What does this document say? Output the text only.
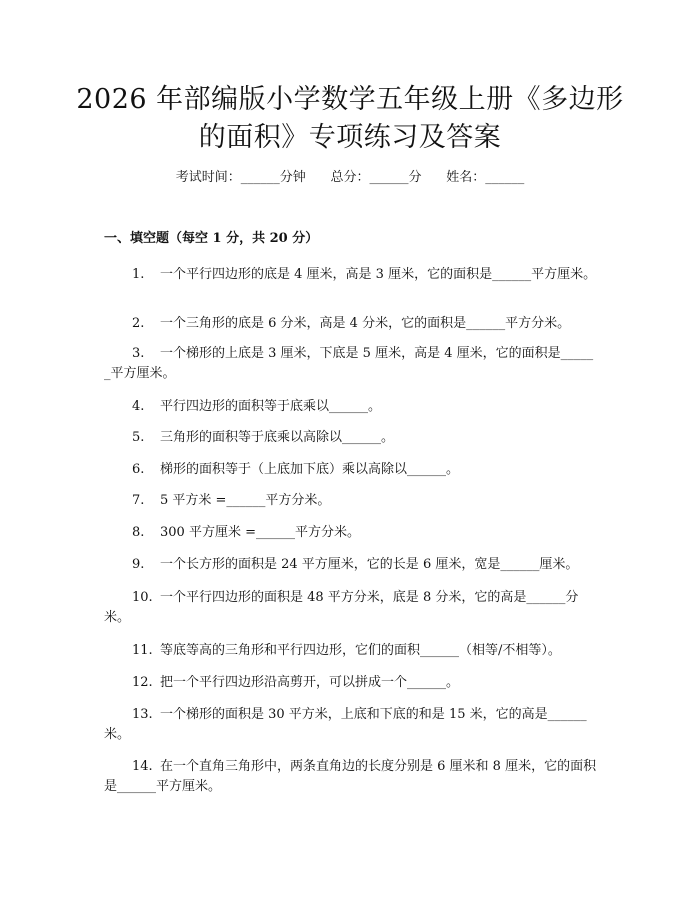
2026 年部编版小学数学五年级上册《多边形
的面积》专项练习及答案
考试时间：______分钟      总分：______分      姓名：______
一、填空题（每空 1 分，共 20 分）
1. 一个平行四边形的底是 4 厘米，高是 3 厘米，它的面积是______平方厘米。
2. 一个三角形的底是 6 分米，高是 4 分米，它的面积是______平方分米。
3. 一个梯形的上底是 3 厘米，下底是 5 厘米，高是 4 厘米，它的面积是______平方厘米。
4. 平行四边形的面积等于底乘以______。
5. 三角形的面积等于底乘以高除以______。
6. 梯形的面积等于（上底加下底）乘以高除以______。
7. 5 平方米 =______平方分米。
8. 300 平方厘米 =______平方分米。
9. 一个长方形的面积是 24 平方厘米，它的长是 6 厘米，宽是______厘米。
10. 一个平行四边形的面积是 48 平方分米，底是 8 分米，它的高是______分米。
11. 等底等高的三角形和平行四边形，它们的面积______（相等/不相等）。
12. 把一个平行四边形沿高剪开，可以拼成一个______。
13. 一个梯形的面积是 30 平方米，上底和下底的和是 15 米，它的高是______米。
14. 在一个直角三角形中，两条直角边的长度分别是 6 厘米和 8 厘米，它的面积是______平方厘米。
